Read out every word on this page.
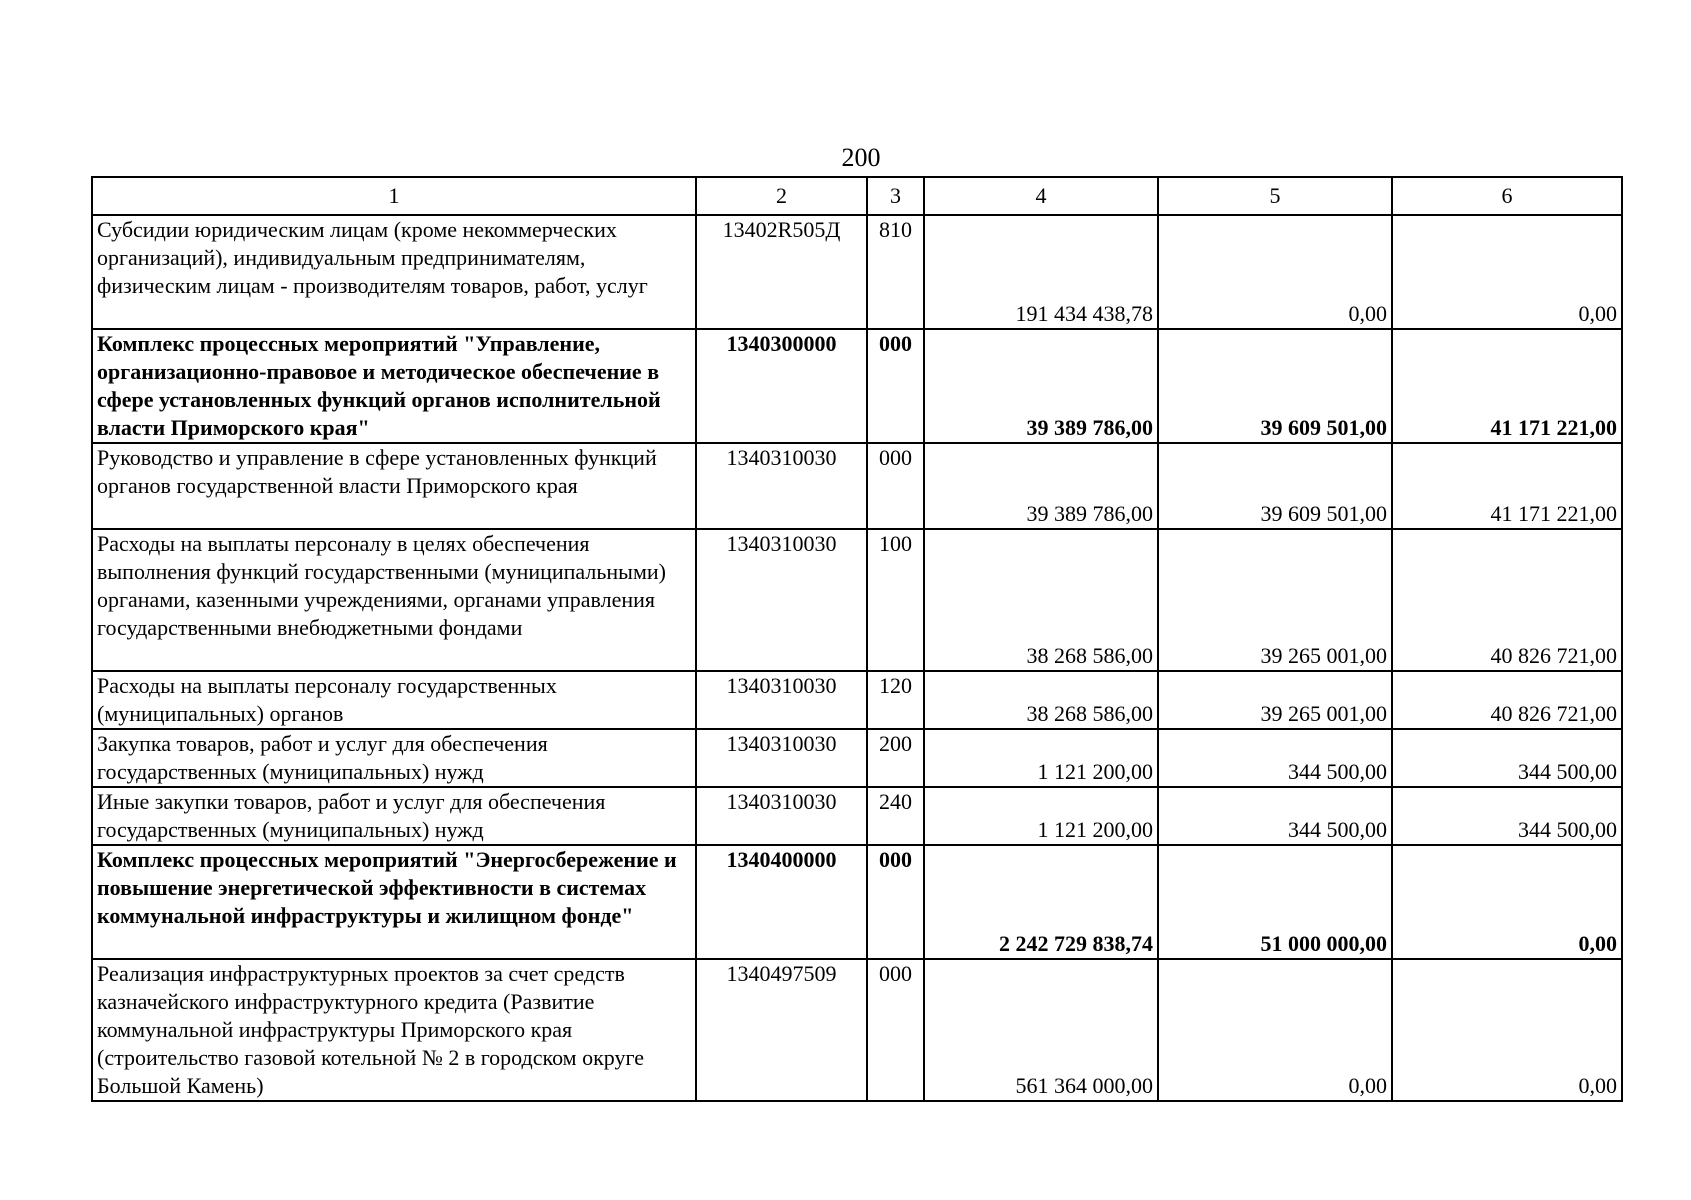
200
1	2	3	4	5	6
Субсидии юридическим лицам (кроме некоммерческих организаций), индивидуальным предпринимателям, физическим лицам - производителям товаров, работ, услуг	13402R505Д	810	191 434 438,78	0,00	0,00
Комплекс процессных мероприятий "Управление, организационно-правовое и методическое обеспечение в сфере установленных функций органов исполнительной власти Приморского края"	1340300000	000	39 389 786,00	39 609 501,00	41 171 221,00
Руководство и управление в сфере установленных функций органов государственной власти Приморского края	1340310030	000	39 389 786,00	39 609 501,00	41 171 221,00
Расходы на выплаты персоналу в целях обеспечения выполнения функций государственными (муниципальными) органами, казенными учреждениями, органами управления государственными внебюджетными фондами	1340310030	100	38 268 586,00	39 265 001,00	40 826 721,00
Расходы на выплаты персоналу государственных (муниципальных) органов	1340310030	120	38 268 586,00	39 265 001,00	40 826 721,00
Закупка товаров, работ и услуг для обеспечения государственных (муниципальных) нужд	1340310030	200	1 121 200,00	344 500,00	344 500,00
Иные закупки товаров, работ и услуг для обеспечения государственных (муниципальных) нужд	1340310030	240	1 121 200,00	344 500,00	344 500,00
Комплекс процессных мероприятий "Энергосбережение и повышение энергетической эффективности в системах коммунальной инфраструктуры и жилищном фонде"	1340400000	000	2 242 729 838,74	51 000 000,00	0,00
Реализация инфраструктурных проектов за счет средств казначейского инфраструктурного кредита (Развитие коммунальной инфраструктуры Приморского края (строительство газовой котельной № 2 в городском округе Большой Камень)	1340497509	000	561 364 000,00	0,00	0,00
